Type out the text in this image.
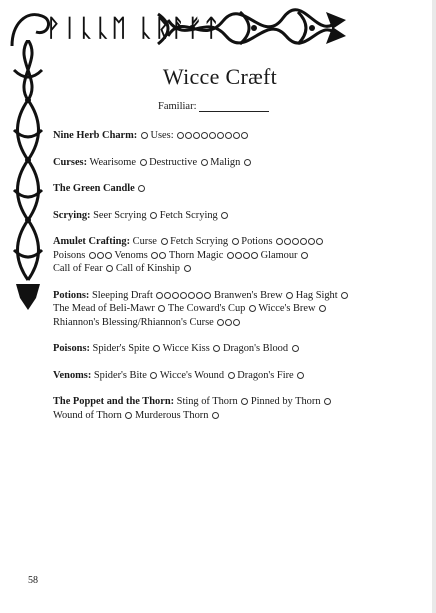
ᚹᛁᚳᚳᛖ ᚳᚱᚨᚠᛏ
Wicce Cræft
Familiar:
Nine Herb Charm:  Uses:
Curses: Wearisome  Destructive  Malign
The Green Candle
Scrying: Seer Scrying  Fetch Scrying
Amulet Crafting: Curse  Fetch Scrying  Potions
Poisons  Venoms  Thorn Magic	Glamour
Call of Fear  Call of Kinship
Potions: Sleeping Draft	Branwen's Brew  Hag Sight
The Mead of Beli-Mawr  The Coward's Cup  Wicce's Brew
Rhiannon's Blessing/Rhiannon's Curse
Poisons: Spider's Spite  Wicce Kiss  Dragon's Blood
Venoms: Spider's Bite  Wicce's Wound  Dragon's Fire
The Poppet and the Thorn: Sting of Thorn  Pinned by Thorn
Wound of Thorn  Murderous Thorn
58
